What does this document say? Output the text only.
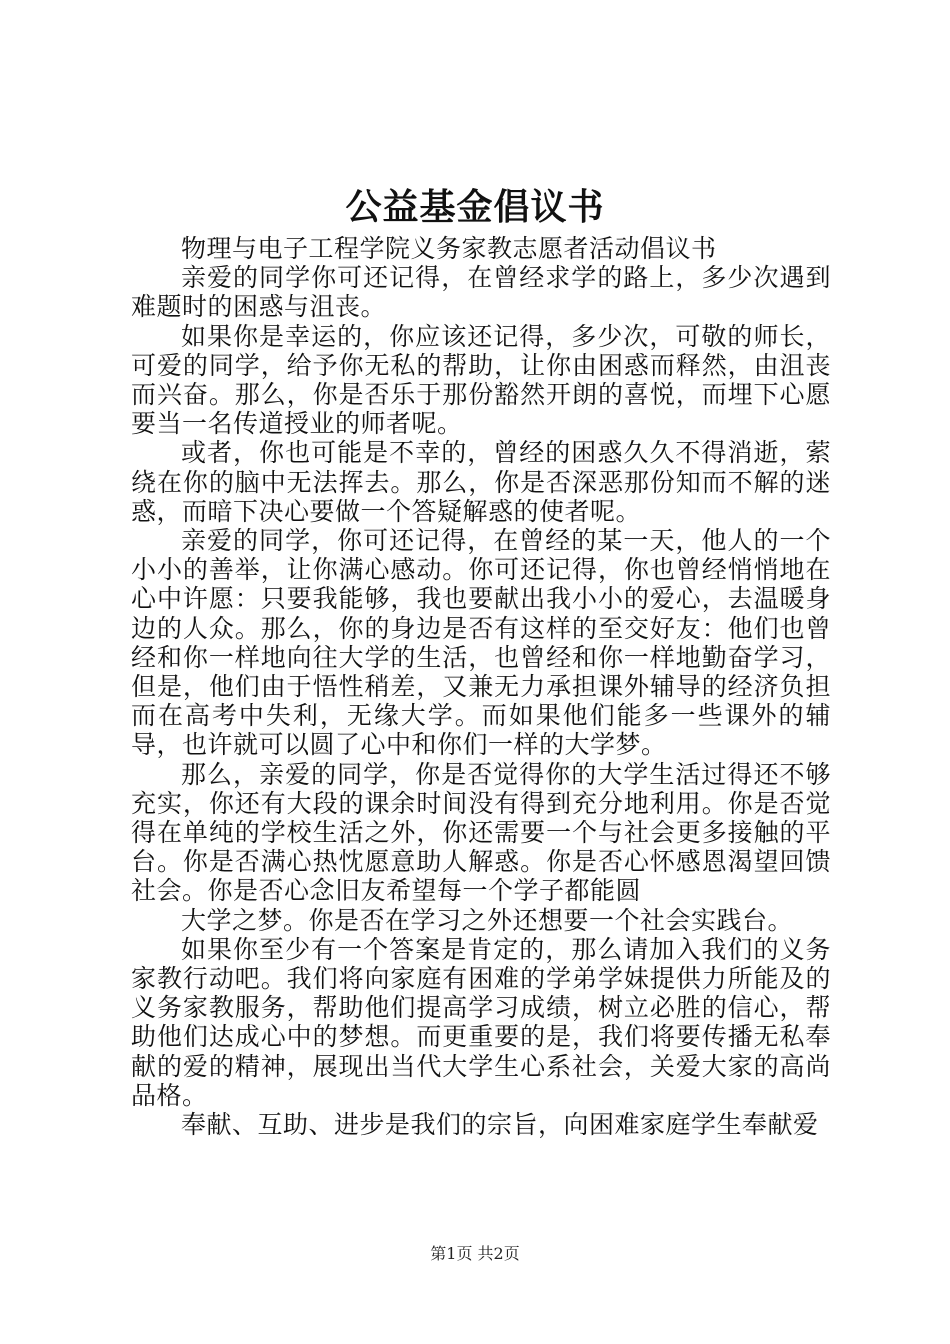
公益基金倡议书

物理与电子工程学院义务家教志愿者活动倡议书

亲爱的同学你可还记得，在曾经求学的路上，多少次遇到难题时的困惑与沮丧。

如果你是幸运的，你应该还记得，多少次，可敬的师长，可爱的同学，给予你无私的帮助，让你由困惑而释然，由沮丧而兴奋。那么，你是否乐于那份豁然开朗的喜悦，而埋下心愿要当一名传道授业的师者呢。

或者，你也可能是不幸的，曾经的困惑久久不得消逝，萦绕在你的脑中无法挥去。那么，你是否深恶那份知而不解的迷惑，而暗下决心要做一个答疑解惑的使者呢。

亲爱的同学，你可还记得，在曾经的某一天，他人的一个小小的善举，让你满心感动。你可还记得，你也曾经悄悄地在心中许愿：只要我能够，我也要献出我小小的爱心，去温暖身边的人众。那么，你的身边是否有这样的至交好友：他们也曾经和你一样地向往大学的生活，也曾经和你一样地勤奋学习，但是，他们由于悟性稍差，又兼无力承担课外辅导的经济负担而在高考中失利，无缘大学。而如果他们能多一些课外的辅导，也许就可以圆了心中和你们一样的大学梦。

那么，亲爱的同学，你是否觉得你的大学生活过得还不够充实，你还有大段的课余时间没有得到充分地利用。你是否觉得在单纯的学校生活之外，你还需要一个与社会更多接触的平台。你是否满心热忱愿意助人解惑。你是否心怀感恩渴望回馈社会。你是否心念旧友希望每一个学子都能圆

大学之梦。你是否在学习之外还想要一个社会实践台。

如果你至少有一个答案是肯定的，那么请加入我们的义务家教行动吧。我们将向家庭有困难的学弟学妹提供力所能及的义务家教服务，帮助他们提高学习成绩，树立必胜的信心，帮助他们达成心中的梦想。而更重要的是，我们将要传播无私奉献的爱的精神，展现出当代大学生心系社会，关爱大家的高尚品格。

奉献、互助、进步是我们的宗旨，向困难家庭学生奉献爱

第1页 共2页
